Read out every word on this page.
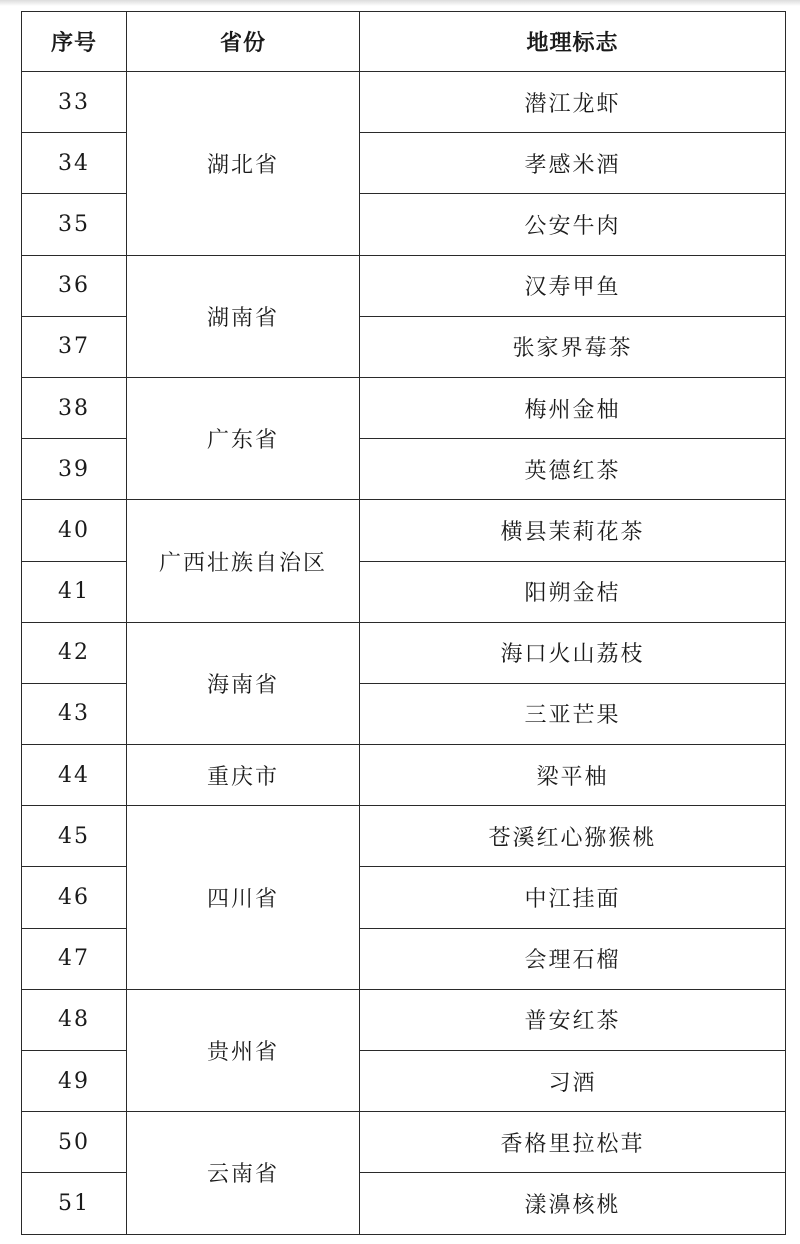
序号	省份	地理标志
33	湖北省	潜江龙虾
34		孝感米酒
35		公安牛肉
36	湖南省	汉寿甲鱼
37		张家界莓茶
38	广东省	梅州金柚
39		英德红茶
40	广西壮族自治区	横县茉莉花茶
41		阳朔金桔
42	海南省	海口火山荔枝
43		三亚芒果
44	重庆市	梁平柚
45	四川省	苍溪红心猕猴桃
46		中江挂面
47		会理石榴
48	贵州省	普安红茶
49		习酒
50	云南省	香格里拉松茸
51		漾濞核桃
